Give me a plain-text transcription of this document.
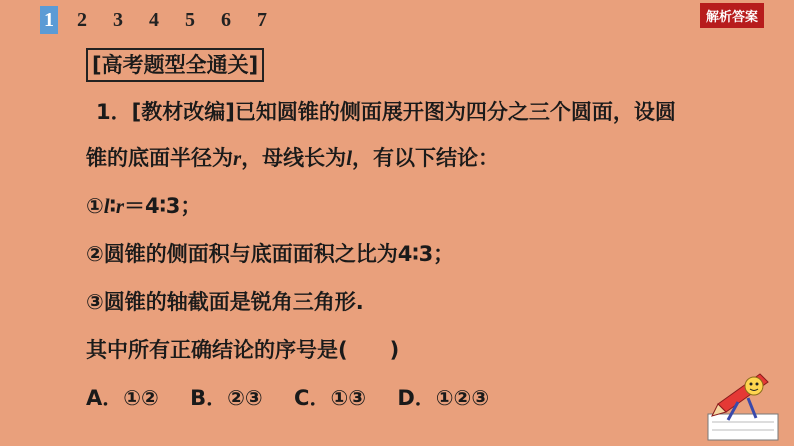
1	2	3	4	5	6	7	解析答案
[高考题型全通关]
1．[教材改编]已知圆锥的侧面展开图为四分之三个圆面，设圆
锥的底面半径为r，母线长为l，有以下结论：
①l∶r＝4∶3；
②圆锥的侧面积与底面面积之比为4∶3；
③圆锥的轴截面是锐角三角形.
其中所有正确结论的序号是(　　)
A．①② B．②③ C．①③ D．①②③
